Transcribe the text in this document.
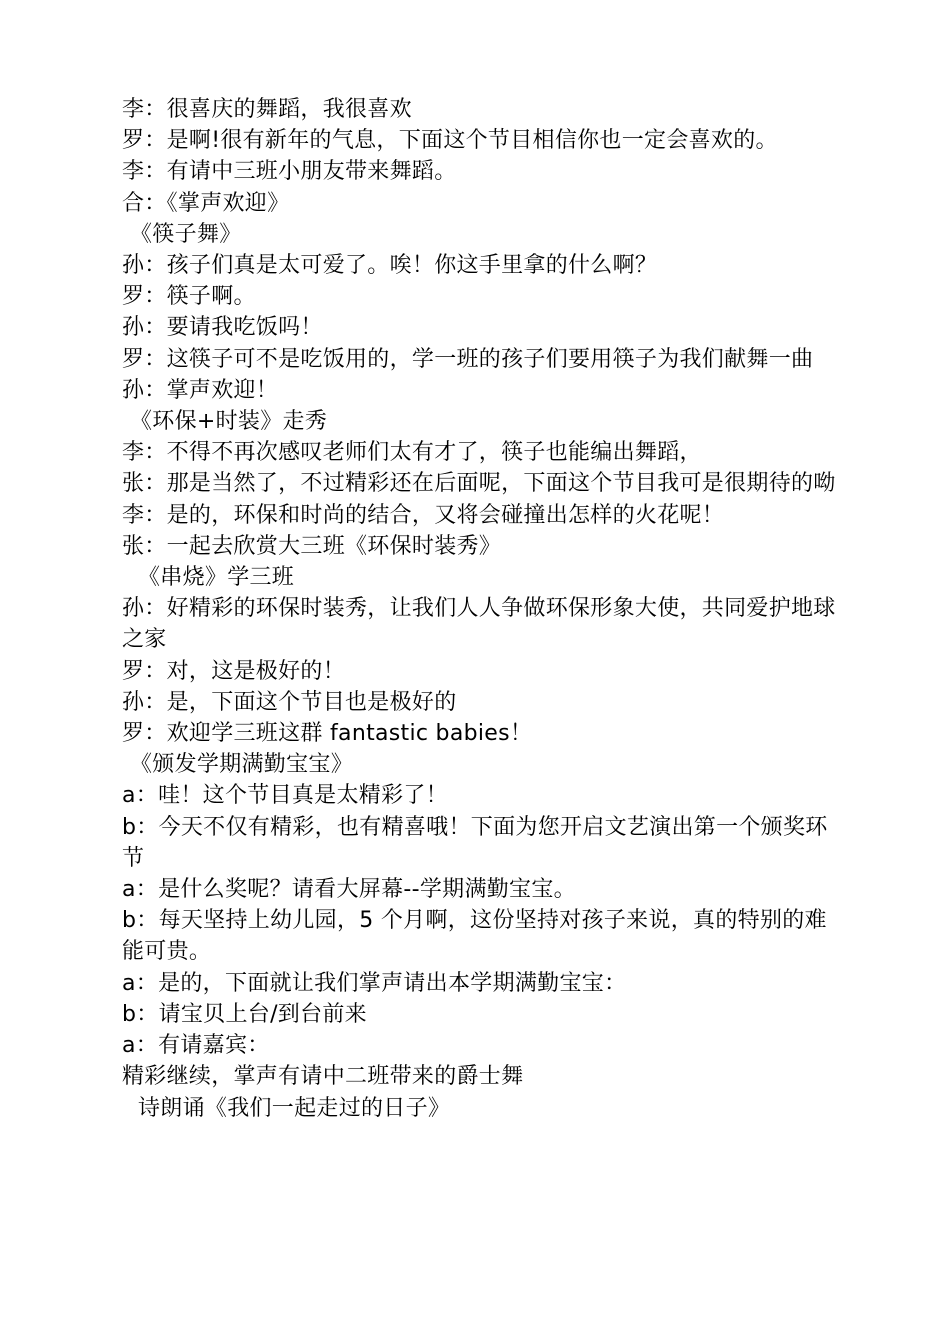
李：很喜庆的舞蹈，我很喜欢

罗：是啊!很有新年的气息，下面这个节目相信你也一定会喜欢的。

李：有请中三班小朋友带来舞蹈。

合：《掌声欢迎》

《筷子舞》

孙：孩子们真是太可爱了。唉！你这手里拿的什么啊？

罗：筷子啊。

孙：要请我吃饭吗！

罗：这筷子可不是吃饭用的，学一班的孩子们要用筷子为我们献舞一曲

孙：掌声欢迎！

《环保+时装》走秀

李：不得不再次感叹老师们太有才了，筷子也能编出舞蹈，

张：那是当然了，不过精彩还在后面呢，下面这个节目我可是很期待的呦

李：是的，环保和时尚的结合，又将会碰撞出怎样的火花呢！

张：一起去欣赏大三班《环保时装秀》

《串烧》学三班

孙：好精彩的环保时装秀，让我们人人争做环保形象大使，共同爱护地球之家

罗：对，这是极好的！

孙：是，下面这个节目也是极好的

罗：欢迎学三班这群 fantastic babies！

《颁发学期满勤宝宝》

a：哇！这个节目真是太精彩了！

b：今天不仅有精彩，也有精喜哦！下面为您开启文艺演出第一个颁奖环节

a：是什么奖呢？请看大屏幕--学期满勤宝宝。

b：每天坚持上幼儿园，5 个月啊，这份坚持对孩子来说，真的特别的难能可贵。

a：是的，下面就让我们掌声请出本学期满勤宝宝：

b：请宝贝上台/到台前来

a：有请嘉宾：

精彩继续，掌声有请中二班带来的爵士舞

诗朗诵《我们一起走过的日子》
